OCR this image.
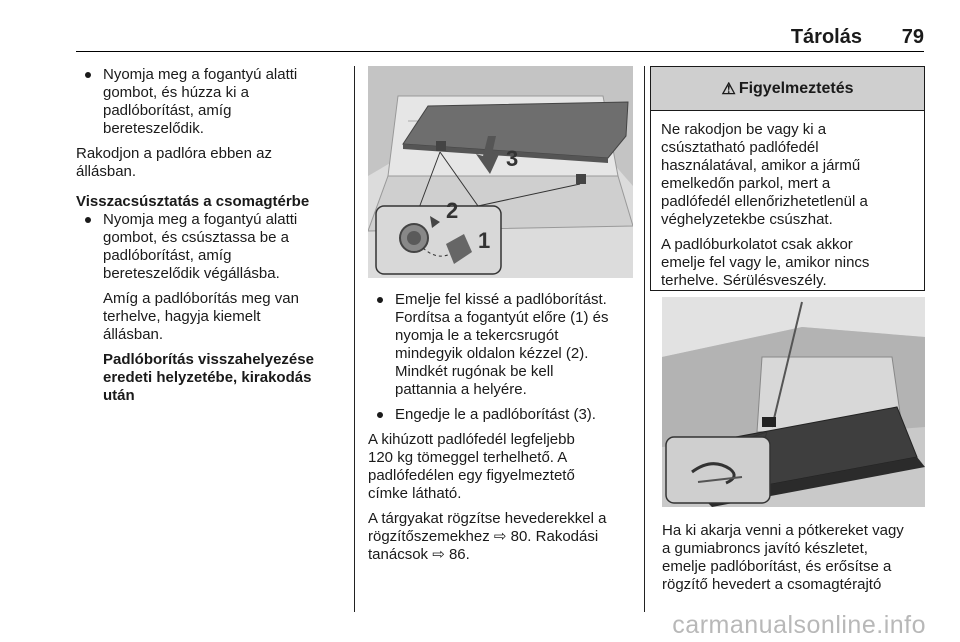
Tárolás 79
Nyomja meg a fogantyú alatti
gombot, és húzza ki a
padlóborítást, amíg
bereteszelődik.
Rakodjon a padlóra ebben az
állásban.
Visszacsúsztatás a csomagtérbe
Nyomja meg a fogantyú alatti
gombot, és csúsztassa be a
padlóborítást, amíg
bereteszelődik végállásba.
Amíg a padlóborítás meg van
terhelve, hagyja kiemelt
állásban.
Padlóborítás visszahelyezése
eredeti helyzetébe, kirakodás
után
3
2
1
Emelje fel kissé a padlóborítást.
Fordítsa a fogantyút előre (1) és
nyomja le a tekercsrugót
mindegyik oldalon kézzel (2).
Mindkét rugónak be kell
pattannia a helyére.
Engedje le a padlóborítást (3).
A kihúzott padlófedél legfeljebb
120 kg tömeggel terhelhető. A
padlófedélen egy figyelmeztető
címke látható.
A tárgyakat rögzítse hevederekkel a
rögzítőszemekhez ⇨ 80. Rakodási
tanácsok ⇨ 86.
⚠ Figyelmeztetés
Ne rakodjon be vagy ki a
csúsztatható padlófedél
használatával, amikor a jármű
emelkedőn parkol, mert a
padlófedél ellenőrizhetetlenül a
véghelyzetekbe csúszhat.
A padlóburkolatot csak akkor
emelje fel vagy le, amikor nincs
terhelve. Sérülésveszély.
Ha ki akarja venni a pótkereket vagy
a gumiabroncs javító készletet,
emelje padlóborítást, és erősítse a
rögzítő hevedert a csomagtérajtó
carmanualsonline.info
